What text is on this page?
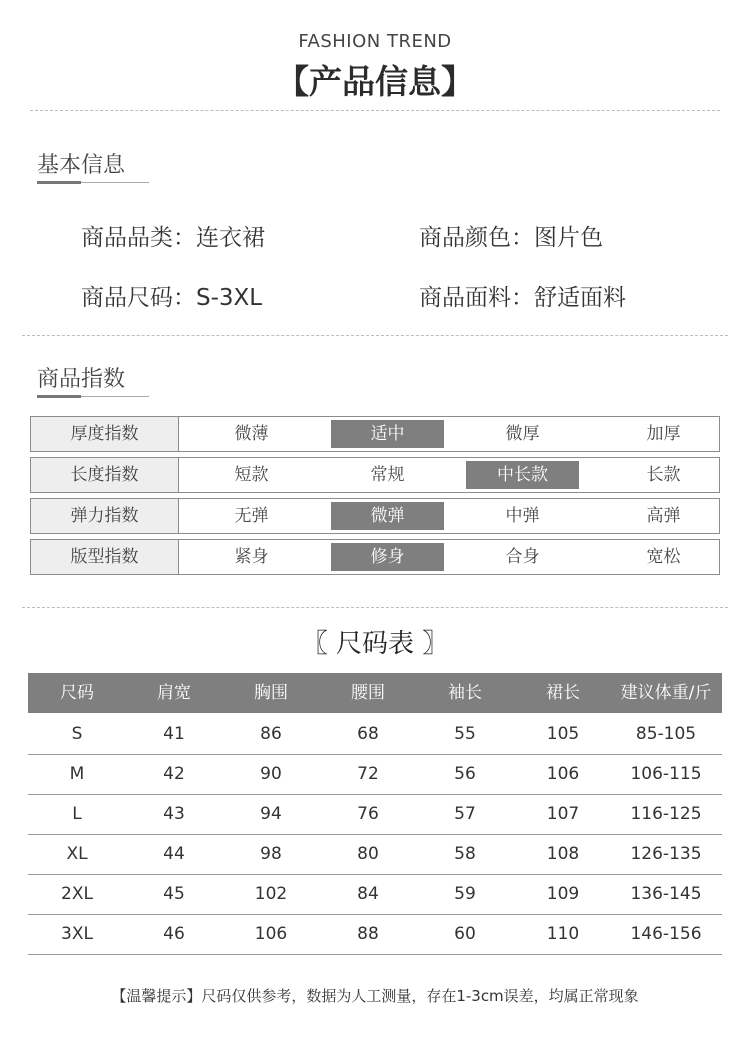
FASHION TREND
【产品信息】
基本信息
商品品类：连衣裙	商品颜色：图片色
商品尺码：S-3XL	商品面料：舒适面料
商品指数
厚度指数	微薄	适中	微厚	加厚
长度指数	短款	常规	中长款	长款
弹力指数	无弹	微弹	中弹	高弹
版型指数	紧身	修身	合身	宽松
〖 尺码表 〗
尺码	肩宽	胸围	腰围	袖长	裙长	建议体重/斤
S	41	86	68	55	105	85-105
M	42	90	72	56	106	106-115
L	43	94	76	57	107	116-125
XL	44	98	80	58	108	126-135
2XL	45	102	84	59	109	136-145
3XL	46	106	88	60	110	146-156
【温馨提示】尺码仅供参考，数据为人工测量，存在1-3cm误差，均属正常现象
